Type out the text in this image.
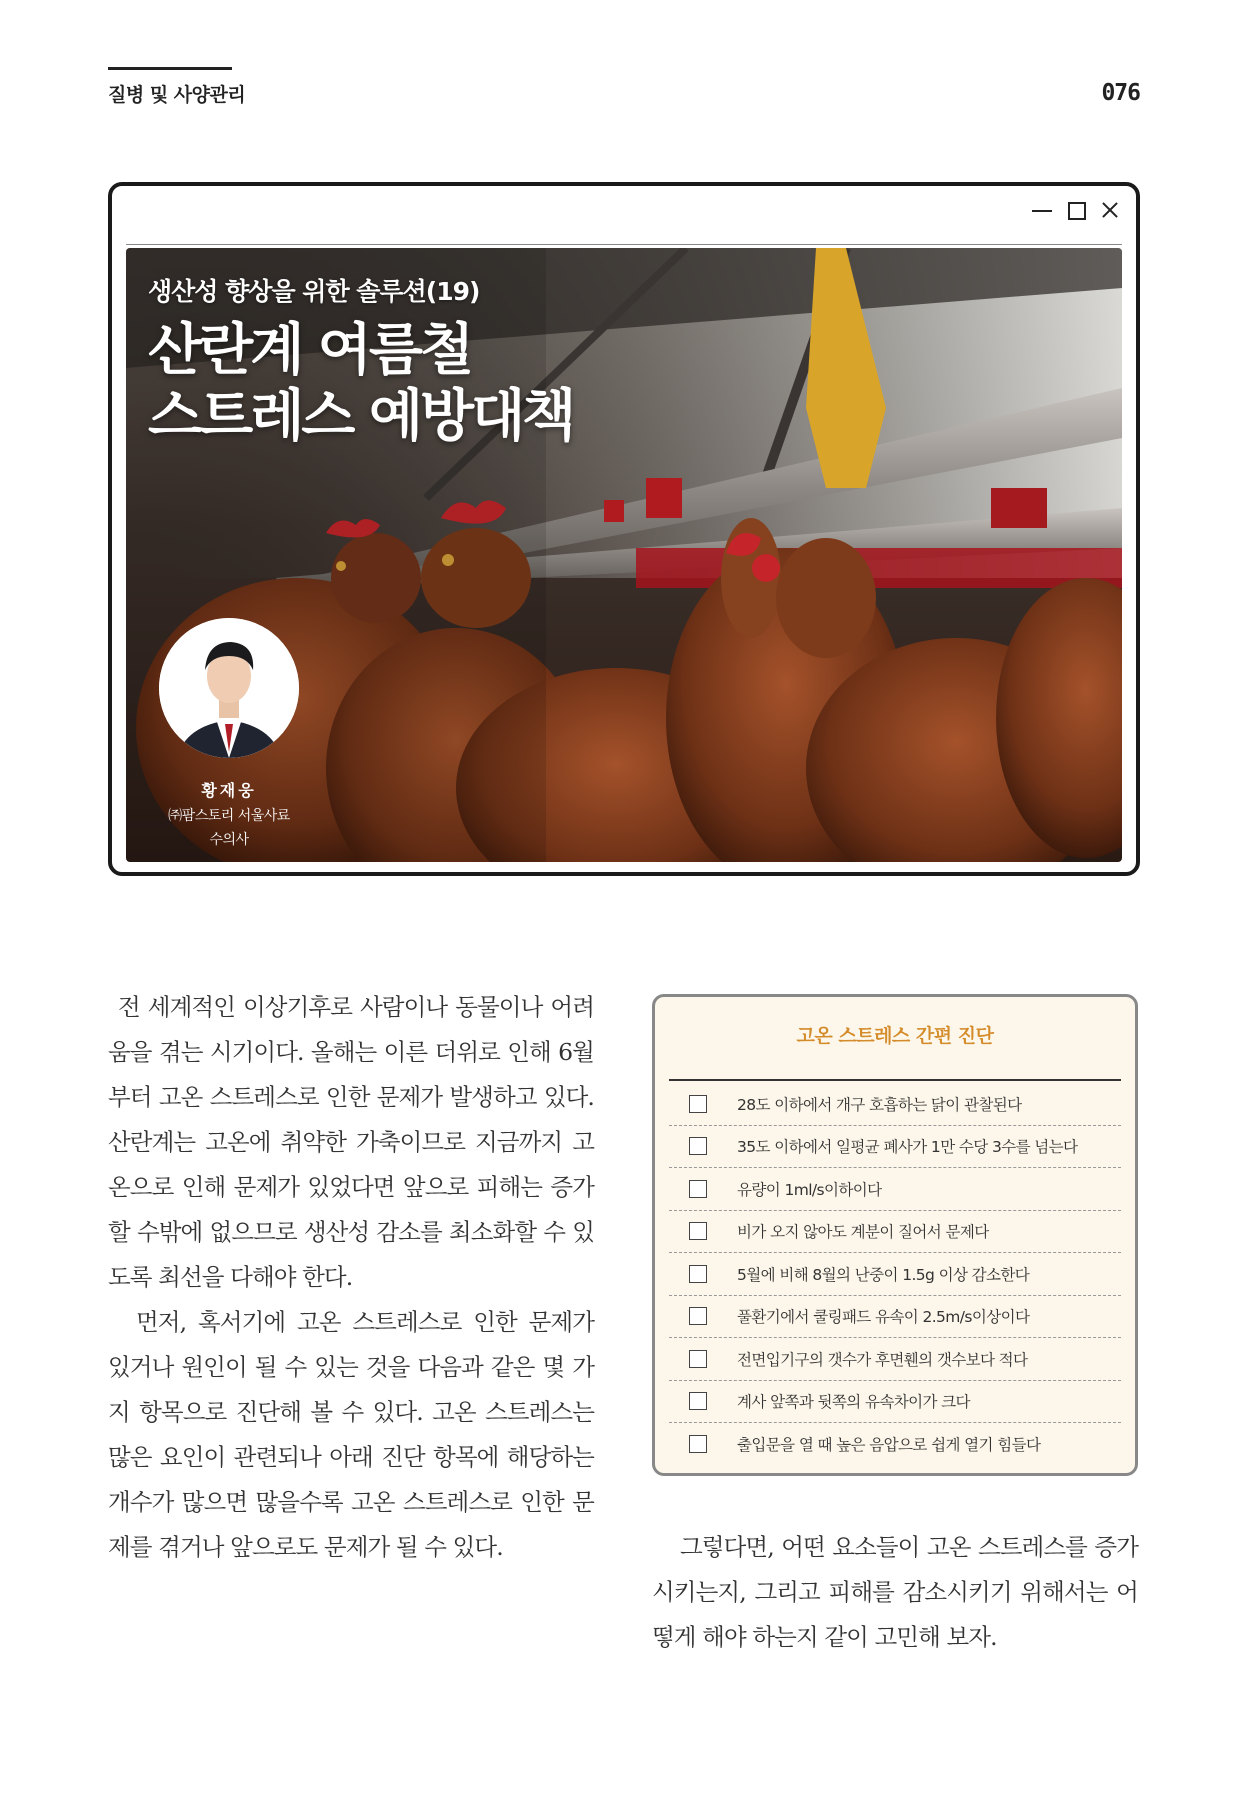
질병 및 사양관리	076
생산성 향상을 위한 솔루션(19)
산란계 여름철
스트레스 예방대책
황재웅
㈜팜스토리 서울사료
수의사

전 세계적인 이상기후로 사람이나 동물이나 어려움을 겪는 시기이다. 올해는 이른 더위로 인해 6월부터 고온 스트레스로 인한 문제가 발생하고 있다. 산란계는 고온에 취약한 가축이므로 지금까지 고온으로 인해 문제가 있었다면 앞으로 피해는 증가할 수밖에 없으므로 생산성 감소를 최소화할 수 있도록 최선을 다해야 한다.

먼저, 혹서기에 고온 스트레스로 인한 문제가 있거나 원인이 될 수 있는 것을 다음과 같은 몇 가지 항목으로 진단해 볼 수 있다. 고온 스트레스는 많은 요인이 관련되나 아래 진단 항목에 해당하는 개수가 많으면 많을수록 고온 스트레스로 인한 문제를 겪거나 앞으로도 문제가 될 수 있다.

고온 스트레스 간편 진단
28도 이하에서 개구 호흡하는 닭이 관찰된다
35도 이하에서 일평균 폐사가 1만 수당 3수를 넘는다
유량이 1ml/s이하이다
비가 오지 않아도 계분이 질어서 문제다
5월에 비해 8월의 난중이 1.5g 이상 감소한다
풀환기에서 쿨링패드 유속이 2.5m/s이상이다
전면입기구의 갯수가 후면휀의 갯수보다 적다
계사 앞쪽과 뒷쪽의 유속차이가 크다
출입문을 열 때 높은 음압으로 쉽게 열기 힘들다

그렇다면, 어떤 요소들이 고온 스트레스를 증가시키는지, 그리고 피해를 감소시키기 위해서는 어떻게 해야 하는지 같이 고민해 보자.
